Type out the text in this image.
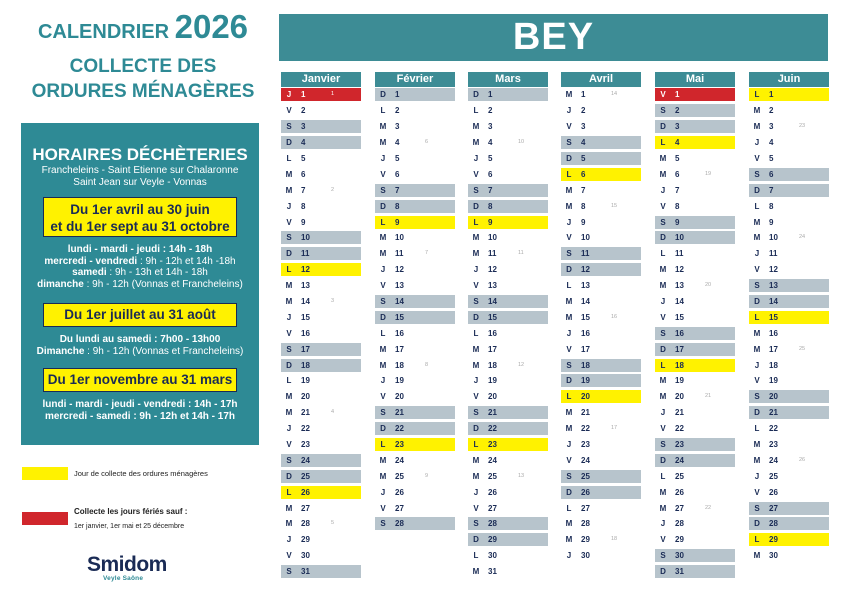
CALENDRIER 2026
COLLECTE DES
ORDURES MÉNAGÈRES
HORAIRES DÉCHÈTERIES
Francheleins - Saint Etienne sur Chalaronne
Saint Jean sur Veyle - Vonnas
Du 1er avril au 30 juin
et du 1er sept au 31 octobre
lundi - mardi - jeudi : 14h - 18h
mercredi - vendredi : 9h - 12h et 14h -18h
samedi : 9h - 13h et 14h - 18h
dimanche : 9h - 12h (Vonnas et Francheleins)
Du 1er juillet au 31 août
Du lundi au samedi : 7h00 - 13h00
Dimanche : 9h - 12h (Vonnas et Francheleins)
Du 1er novembre au 31 mars
lundi - mardi - jeudi - vendredi : 14h - 17h
mercredi - samedi : 9h - 12h et 14h - 17h
Jour de collecte des ordures ménagères
Collecte les jours fériés sauf :
1er janvier, 1er mai et 25 décembre
Smidom
Veyle Saône
BEY
Janvier
J	1	1
V	2
S	3
D	4
L	5
M	6
M	7	2
J	8
V	9
S	10
D	11
L	12
M	13
M	14	3
J	15
V	16
S	17
D	18
L	19
M	20
M	21	4
J	22
V	23
S	24
D	25
L	26
M	27
M	28	5
J	29
V	30
S	31
Février
D	1
L	2
M	3
M	4	6
J	5
V	6
S	7
D	8
L	9
M	10
M	11	7
J	12
V	13
S	14
D	15
L	16
M	17
M	18	8
J	19
V	20
S	21
D	22
L	23
M	24
M	25	9
J	26
V	27
S	28
Mars
D	1
L	2
M	3
M	4	10
J	5
V	6
S	7
D	8
L	9
M	10
M	11	11
J	12
V	13
S	14
D	15
L	16
M	17
M	18	12
J	19
V	20
S	21
D	22
L	23
M	24
M	25	13
J	26
V	27
S	28
D	29
L	30
M	31
Avril
M	1	14
J	2
V	3
S	4
D	5
L	6
M	7
M	8	15
J	9
V	10
S	11
D	12
L	13
M	14
M	15	16
J	16
V	17
S	18
D	19
L	20
M	21
M	22	17
J	23
V	24
S	25
D	26
L	27
M	28
M	29	18
J	30
Mai
V	1
S	2
D	3
L	4
M	5
M	6	19
J	7
V	8
S	9
D	10
L	11
M	12
M	13	20
J	14
V	15
S	16
D	17
L	18
M	19
M	20	21
J	21
V	22
S	23
D	24
L	25
M	26
M	27	22
J	28
V	29
S	30
D	31
Juin
L	1
M	2
M	3	23
J	4
V	5
S	6
D	7
L	8
M	9
M	10	24
J	11
V	12
S	13
D	14
L	15
M	16
M	17	25
J	18
V	19
S	20
D	21
L	22
M	23
M	24	26
J	25
V	26
S	27
D	28
L	29
M	30
